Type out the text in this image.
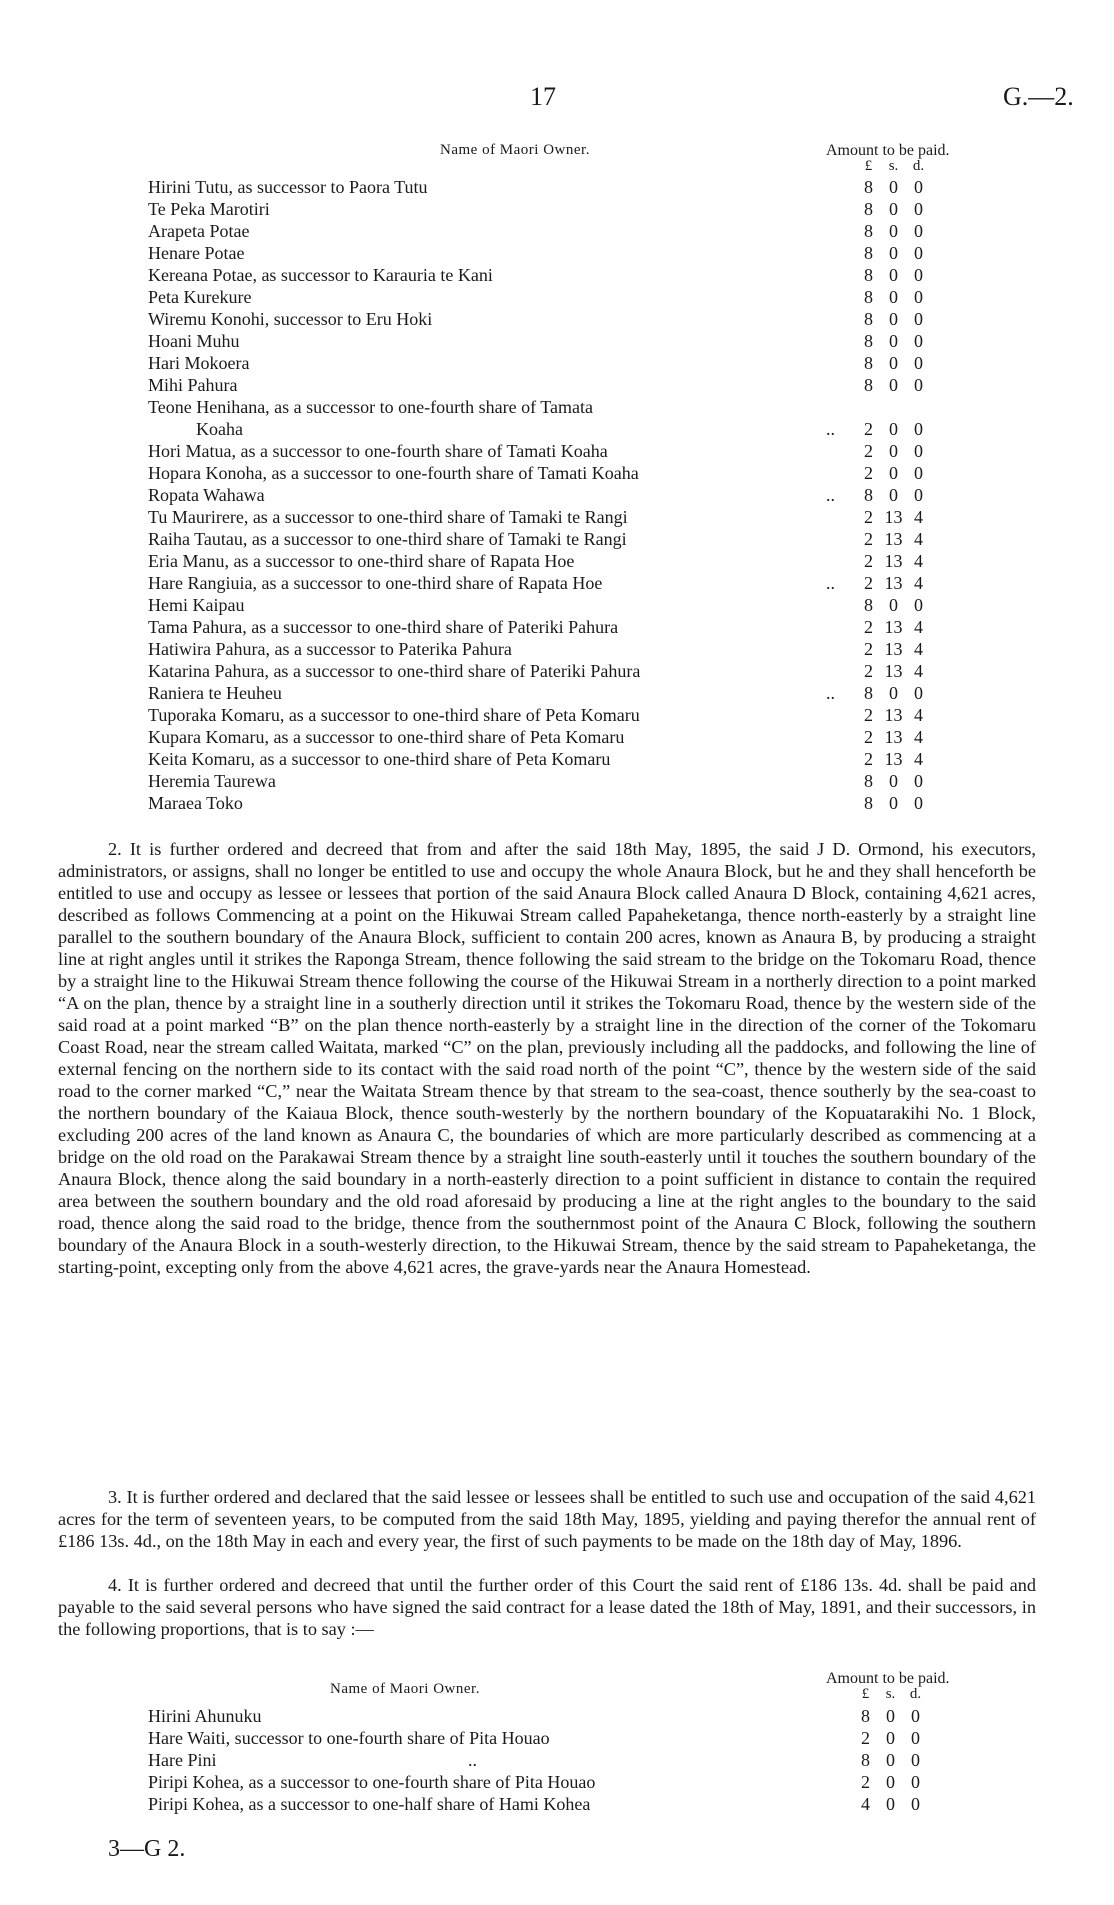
17	G.—2.
Name of Maori Owner.	Amount to be paid.
£	s. d.
Hirini Tutu, as successor to Paora Tutu	8 0 0
Te Peka Marotiri	8 0 0
Arapeta Potae	8 0 0
Henare Potae	8 0 0
Kereana Potae, as successor to Karauria te Kani	8 0 0
Peta Kurekure	8 0 0
Wiremu Konohi, successor to Eru Hoki	8 0 0
Hoani Muhu	8 0 0
Hari Mokoera	8 0 0
Mihi Pahura	8 0 0
Teone Henihana, as a successor to one-fourth share of Tamata
Koaha	..	2 0 0
Hori Matua, as a successor to one-fourth share of Tamati Koaha	2 0 0
Hopara Konoha, as a successor to one-fourth share of Tamati Koaha	2 0 0
Ropata Wahawa	..	8 0 0
Tu Maurirere, as a successor to one-third share of Tamaki te Rangi	2 13 4
Raiha Tautau, as a successor to one-third share of Tamaki te Rangi	2 13 4
Eria Manu, as a successor to one-third share of Rapata Hoe	2 13 4
Hare Rangiuia, as a successor to one-third share of Rapata Hoe	..	2 13 4
Hemi Kaipau	8 0 0
Tama Pahura, as a successor to one-third share of Pateriki Pahura	2 13 4
Hatiwira Pahura, as a successor to Paterika Pahura	2 13 4
Katarina Pahura, as a successor to one-third share of Pateriki Pahura	2 13 4
Raniera te Heuheu	..	8 0 0
Tuporaka Komaru, as a successor to one-third share of Peta Komaru	2 13 4
Kupara Komaru, as a successor to one-third share of Peta Komaru	2 13 4
Keita Komaru, as a successor to one-third share of Peta Komaru	2 13 4
Heremia Taurewa	8 0 0
Maraea Toko	8 0 0

2. It is further ordered and decreed that from and after the said 18th May, 1895, the said J D. Ormond, his executors, administrators, or assigns, shall no longer be entitled to use and occupy the whole Anaura Block, but he and they shall henceforth be entitled to use and occupy as lessee or lessees that portion of the said Anaura Block called Anaura D Block, containing 4,621 acres, described as follows Commencing at a point on the Hikuwai Stream called Papaheketanga, thence north-easterly by a straight line parallel to the southern boundary of the Anaura Block, sufficient to contain 200 acres, known as Anaura B, by producing a straight line at right angles until it strikes the Raponga Stream, thence following the said stream to the bridge on the Tokomaru Road, thence by a straight line to the Hikuwai Stream thence following the course of the Hikuwai Stream in a northerly direction to a point marked “A on the plan, thence by a straight line in a southerly direction until it strikes the Tokomaru Road, thence by the western side of the said road at a point marked “B” on the plan thence north-easterly by a straight line in the direction of the corner of the Tokomaru Coast Road, near the stream called Waitata, marked “C” on the plan, previously including all the paddocks, and following the line of external fencing on the northern side to its contact with the said road north of the point “C”, thence by the western side of the said road to the corner marked “C,” near the Waitata Stream thence by that stream to the sea-coast, thence southerly by the sea-coast to the northern boundary of the Kaiaua Block, thence south-westerly by the northern boundary of the Kopuatarakihi No. 1 Block, excluding 200 acres of the land known as Anaura C, the boundaries of which are more particularly described as commencing at a bridge on the old road on the Parakawai Stream thence by a straight line south-easterly until it touches the southern boundary of the Anaura Block, thence along the said boundary in a north-easterly direction to a point sufficient in distance to contain the required area between the southern boundary and the old road aforesaid by producing a line at the right angles to the boundary to the said road, thence along the said road to the bridge, thence from the southernmost point of the Anaura C Block, following the southern boundary of the Anaura Block in a south-westerly direction, to the Hikuwai Stream, thence by the said stream to Papaheketanga, the starting-point, excepting only from the above 4,621 acres, the grave-yards near the Anaura Homestead.

3. It is further ordered and declared that the said lessee or lessees shall be entitled to such use and occupation of the said 4,621 acres for the term of seventeen years, to be computed from the said 18th May, 1895, yielding and paying therefor the annual rent of £186 13s. 4d., on the 18th May in each and every year, the first of such payments to be made on the 18th day of May, 1896.

4. It is further ordered and decreed that until the further order of this Court the said rent of £186 13s. 4d. shall be paid and payable to the said several persons who have signed the said contract for a lease dated the 18th of May, 1891, and their successors, in the following proportions, that is to say :—

Name of Maori Owner.
Amount to be paid.
£	s. d.
Hirini Ahunuku	8 0 0
Hare Waiti, successor to one-fourth share of Pita Houao	2 0 0
Hare Pini	..	8 0 0
Piripi Kohea, as a successor to one-fourth share of Pita Houao	2 0 0
Piripi Kohea, as a successor to one-half share of Hami Kohea	4 0 0
3—G 2.
